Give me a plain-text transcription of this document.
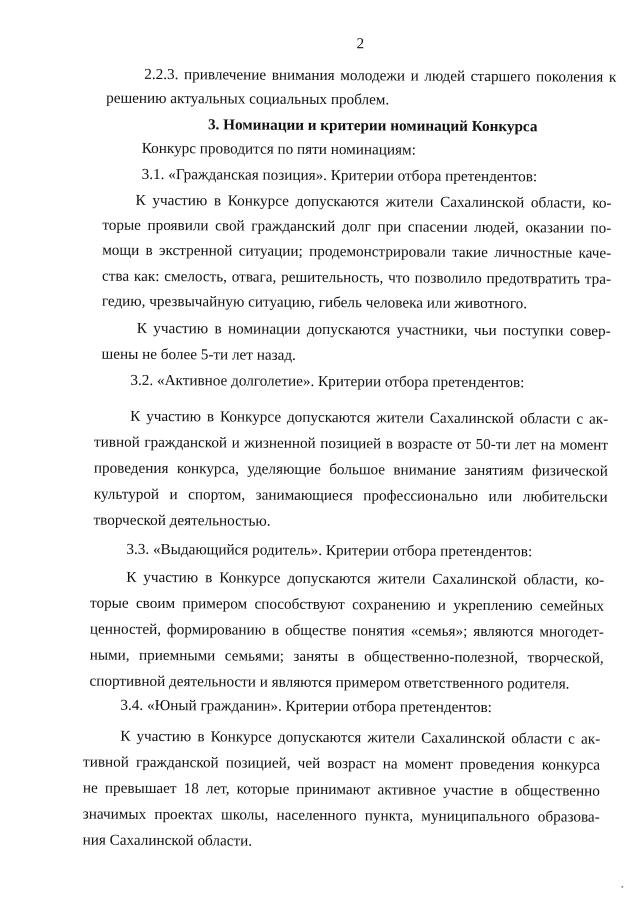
2
2.2.3. привлечение внимания молодежи и людей старшего поколения к
решению актуальных социальных проблем.
3. Номинации и критерии номинаций Конкурса
Конкурс проводится по пяти номинациям:
3.1. «Гражданская позиция». Критерии отбора претендентов:
К участию в Конкурсе допускаются жители Сахалинской области, ко-
торые проявили свой гражданский долг при спасении людей, оказании по-
мощи в экстренной ситуации; продемонстрировали такие личностные каче-
ства как: смелость, отвага, решительность, что позволило предотвратить тра-
гедию, чрезвычайную ситуацию, гибель человека или животного.
К участию в номинации допускаются участники, чьи поступки совер-
шены не более 5-ти лет назад.
3.2. «Активное долголетие». Критерии отбора претендентов:
К участию в Конкурсе допускаются жители Сахалинской области с ак-
тивной гражданской и жизненной позицией в возрасте от 50-ти лет на момент
проведения конкурса, уделяющие большое внимание занятиям физической
культурой и спортом, занимающиеся профессионально или любительски
творческой деятельностью.
3.3. «Выдающийся родитель». Критерии отбора претендентов:
К участию в Конкурсе допускаются жители Сахалинской области, ко-
торые своим примером способствуют сохранению и укреплению семейных
ценностей, формированию в обществе понятия «семья»; являются многодет-
ными, приемными семьями; заняты в общественно-полезной, творческой,
спортивной деятельности и являются примером ответственного родителя.
3.4. «Юный гражданин». Критерии отбора претендентов:
К участию в Конкурсе допускаются жители Сахалинской области с ак-
тивной гражданской позицией, чей возраст на момент проведения конкурса
не превышает 18 лет, которые принимают активное участие в общественно
значимых проектах школы, населенного пункта, муниципального образова-
ния Сахалинской области.
